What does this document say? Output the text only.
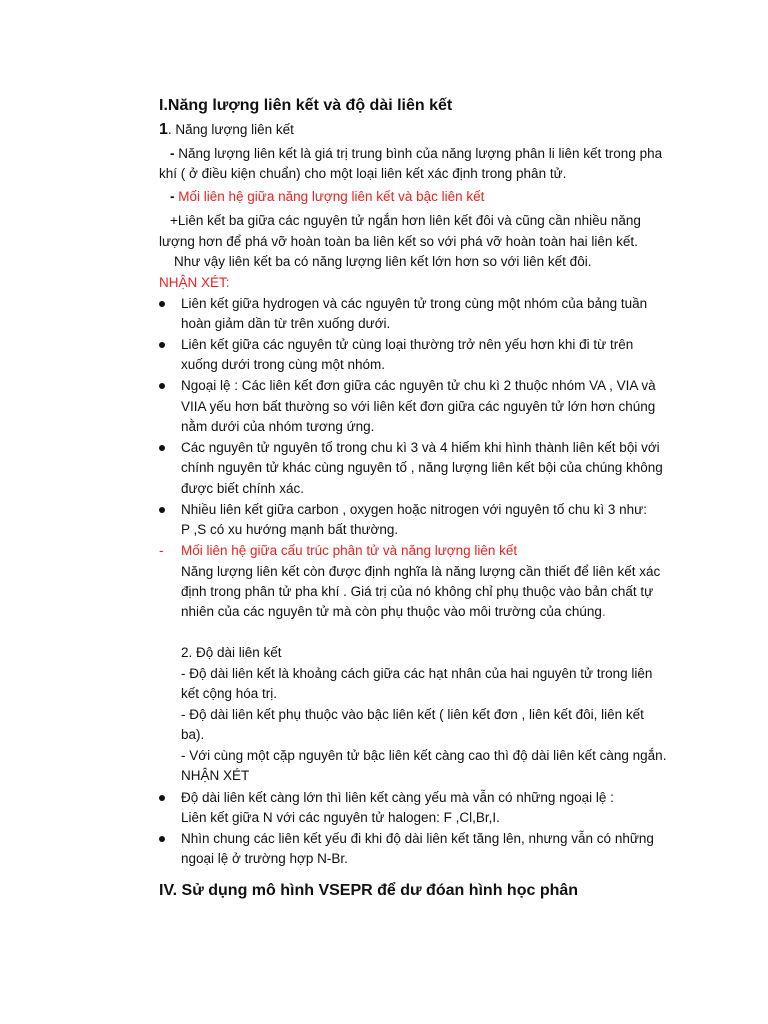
I.Năng lượng liên kết và độ dài liên kết
1. Năng lượng liên kết
- Năng lượng liên kết là giá trị trung bình của năng lượng phân li liên kết trong pha
khí ( ở điều kiện chuẩn) cho một loại liên kết xác định trong phân tử.
- Mối liên hệ giữa năng lượng liên kết và bậc liên kết
+Liên kết ba giữa các nguyên tử ngắn hơn liên kết đôi và cũng cần nhiều năng
lượng hơn để phá vỡ hoàn toàn ba liên kết so với phá vỡ hoàn toàn hai liên kết.
Như vậy liên kết ba có năng lượng liên kết lớn hơn so với liên kết đôi.
NHẬN XÉT:
Liên kết giữa hydrogen và các nguyên tử trong cùng một nhóm của bảng tuần
hoàn giảm dần từ trên xuống dưới.
Liên kết giữa các nguyên tử cùng loại thường trở nên yếu hơn khi đi từ trên
xuống dưới trong cùng một nhóm.
Ngoại lệ : Các liên kết đơn giữa các nguyên tử chu kì 2 thuộc nhóm VA , VIA và
VIIA yếu hơn bất thường so với liên kết đơn giữa các nguyên tử lớn hơn chúng
nằm dưới của nhóm tương ứng.
Các nguyên tử nguyên tố trong chu kì 3 và 4 hiếm khi hình thành liên kết bội với
chính nguyên tử khác cùng nguyên tố , năng lượng liên kết bội của chúng không
được biết chính xác.
Nhiều liên kết giữa carbon , oxygen hoặc nitrogen với nguyên tố chu kì 3 như:
P ,S có xu hướng mạnh bất thường.
- Mối liên hệ giữa cấu trúc phân tử và năng lượng liên kết
Năng lượng liên kết còn được định nghĩa là năng lượng cần thiết để liên kết xác
định trong phân tử pha khí . Giá trị của nó không chỉ phụ thuộc vào bản chất tự
nhiên của các nguyên tử mà còn phụ thuộc vào môi trường của chúng.
2. Độ dài liên kết
- Độ dài liên kết là khoảng cách giữa các hạt nhân của hai nguyên tử trong liên
kết cộng hóa trị.
- Độ dài liên kết phụ thuộc vào bậc liên kết ( liên kết đơn , liên kết đôi, liên kết
ba).
- Với cùng một cặp nguyên tử bậc liên kết càng cao thì độ dài liên kết càng ngắn.
NHẬN XÉT
Độ dài liên kết càng lớn thì liên kết càng yếu mà vẫn có những ngoại lệ :
Liên kết giữa N với các nguyên tử halogen: F ,Cl,Br,I.
Nhìn chung các liên kết yếu đi khi độ dài liên kết tăng lên, nhưng vẫn có những
ngoại lệ ở trường hợp N-Br.
IV. Sử dụng mô hình VSEPR để dư đóan hình học phân
